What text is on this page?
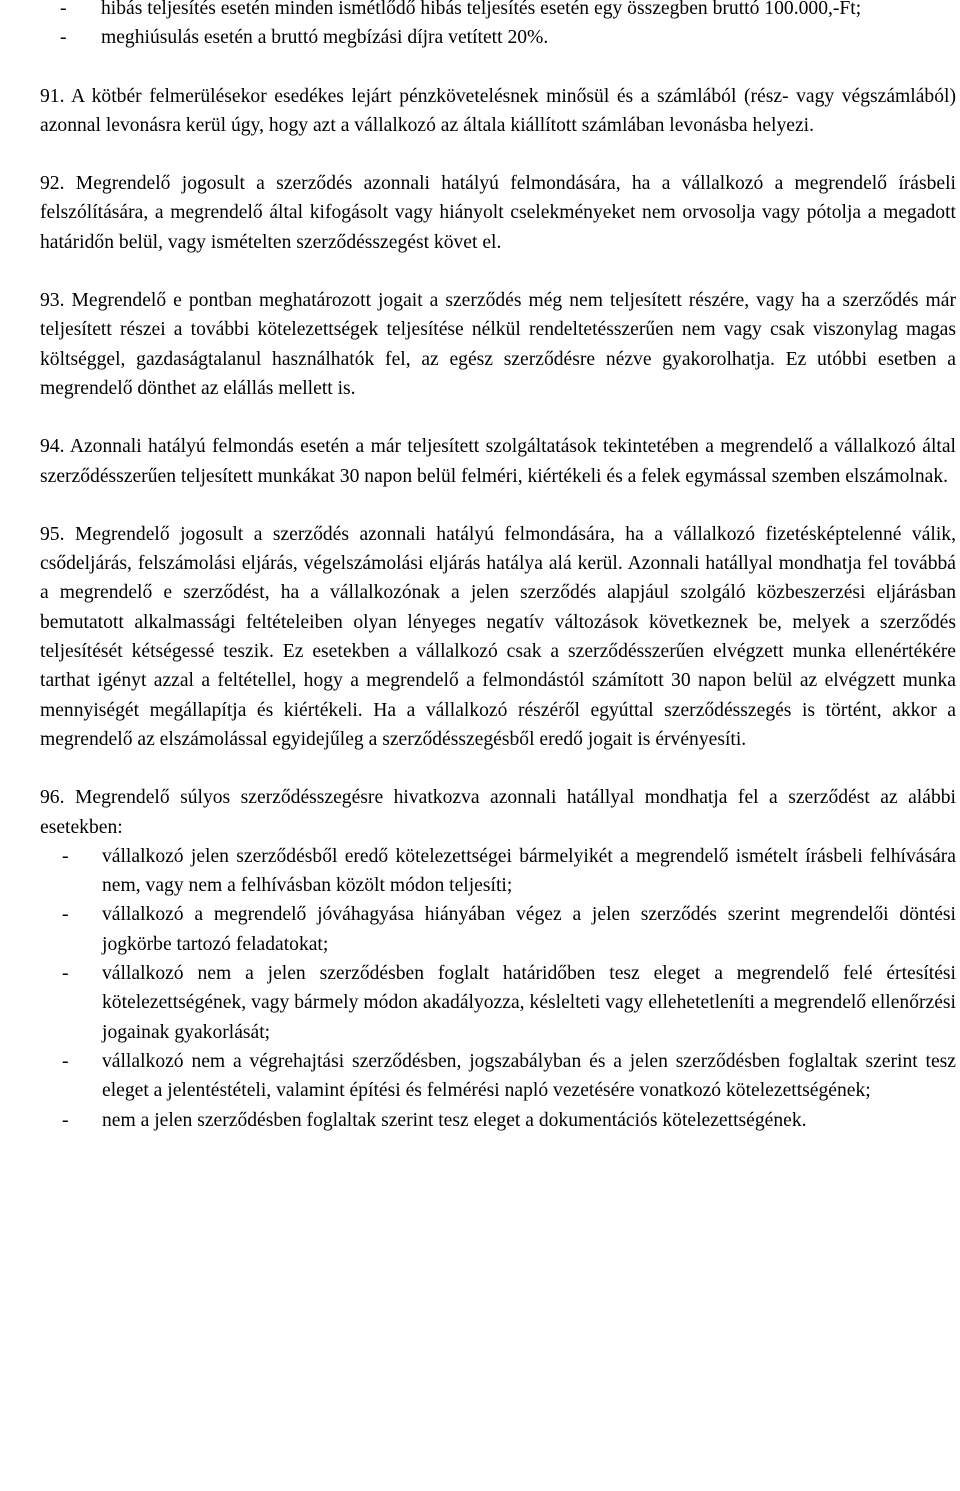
- hibás teljesítés esetén minden ismétlődő hibás teljesítés esetén egy összegben bruttó 100.000,-Ft;

- meghiúsulás esetén a bruttó megbízási díjra vetített 20%.

91. A kötbér felmerülésekor esedékes lejárt pénzkövetelésnek minősül és a számlából (rész- vagy végszámlából) azonnal levonásra kerül úgy, hogy azt a vállalkozó az általa kiállított számlában levonásba helyezi.

92. Megrendelő jogosult a szerződés azonnali hatályú felmondására, ha a vállalkozó a megrendelő írásbeli felszólítására, a megrendelő által kifogásolt vagy hiányolt cselekményeket nem orvosolja vagy pótolja a megadott határidőn belül, vagy ismételten szerződésszegést követ el.

93. Megrendelő e pontban meghatározott jogait a szerződés még nem teljesített részére, vagy ha a szerződés már teljesített részei a további kötelezettségek teljesítése nélkül rendeltetésszerűen nem vagy csak viszonylag magas költséggel, gazdaságtalanul használhatók fel, az egész szerződésre nézve gyakorolhatja. Ez utóbbi esetben a megrendelő dönthet az elállás mellett is.

94. Azonnali hatályú felmondás esetén a már teljesített szolgáltatások tekintetében a megrendelő a vállalkozó által szerződésszerűen teljesített munkákat 30 napon belül felméri, kiértékeli és a felek egymással szemben elszámolnak.

95. Megrendelő jogosult a szerződés azonnali hatályú felmondására, ha a vállalkozó fizetésképtelenné válik, csődeljárás, felszámolási eljárás, végelszámolási eljárás hatálya alá kerül. Azonnali hatállyal mondhatja fel továbbá a megrendelő e szerződést, ha a vállalkozónak a jelen szerződés alapjául szolgáló közbeszerzési eljárásban bemutatott alkalmassági feltételeiben olyan lényeges negatív változások következnek be, melyek a szerződés teljesítését kétségessé teszik. Ez esetekben a vállalkozó csak a szerződésszerűen elvégzett munka ellenértékére tarthat igényt azzal a feltétellel, hogy a megrendelő a felmondástól számított 30 napon belül az elvégzett munka mennyiségét megállapítja és kiértékeli. Ha a vállalkozó részéről egyúttal szerződésszegés is történt, akkor a megrendelő az elszámolással egyidejűleg a szerződésszegésből eredő jogait is érvényesíti.

96. Megrendelő súlyos szerződésszegésre hivatkozva azonnali hatállyal mondhatja fel a szerződést az alábbi esetekben:

- vállalkozó jelen szerződésből eredő kötelezettségei bármelyikét a megrendelő ismételt írásbeli felhívására nem, vagy nem a felhívásban közölt módon teljesíti;

- vállalkozó a megrendelő jóváhagyása hiányában végez a jelen szerződés szerint megrendelői döntési jogkörbe tartozó feladatokat;

- vállalkozó nem a jelen szerződésben foglalt határidőben tesz eleget a megrendelő felé értesítési kötelezettségének, vagy bármely módon akadályozza, késlelteti vagy ellehetetleníti a megrendelő ellenőrzési jogainak gyakorlását;

- vállalkozó nem a végrehajtási szerződésben, jogszabályban és a jelen szerződésben foglaltak szerint tesz eleget a jelentéstételi, valamint építési és felmérési napló vezetésére vonatkozó kötelezettségének;

- nem a jelen szerződésben foglaltak szerint tesz eleget a dokumentációs kötelezettségének.
